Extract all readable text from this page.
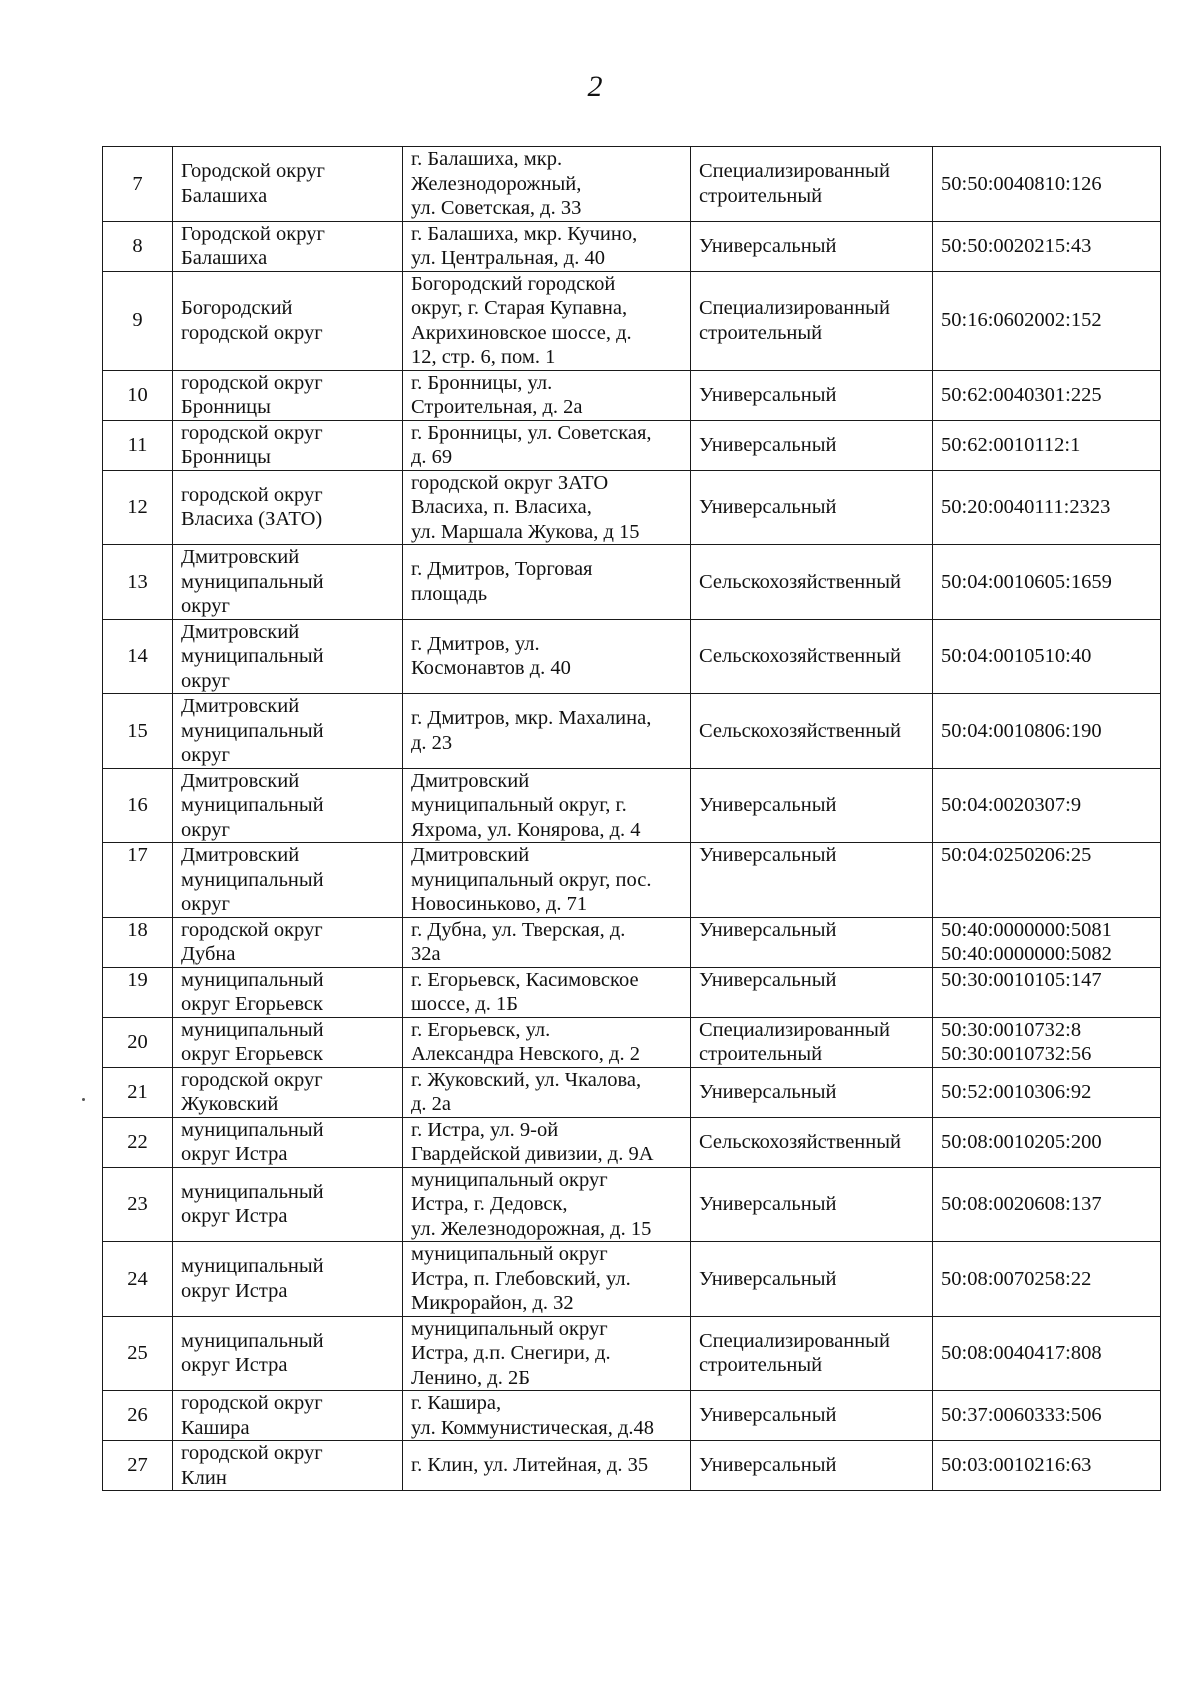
2
7	Городской округ
Балашиха	г. Балашиха, мкр.
Железнодорожный,
ул. Советская, д. 33	Специализированный
строительный	50:50:0040810:126
8	Городской округ
Балашиха	г. Балашиха, мкр. Кучино,
ул. Центральная, д. 40	Универсальный	50:50:0020215:43
9	Богородский
городской округ	Богородский городской
округ, г. Старая Купавна,
Акрихиновское шоссе, д.
12, стр. 6, пом. 1	Специализированный
строительный	50:16:0602002:152
10	городской округ
Бронницы	г. Бронницы, ул.
Строительная, д. 2а	Универсальный	50:62:0040301:225
11	городской округ
Бронницы	г. Бронницы, ул. Советская,
д. 69	Универсальный	50:62:0010112:1
12	городской округ
Власиха (ЗАТО)	городской округ ЗАТО
Власиха, п. Власиха,
ул. Маршала Жукова, д 15	Универсальный	50:20:0040111:2323
13	Дмитровский
муниципальный
округ	г. Дмитров, Торговая
площадь	Сельскохозяйственный	50:04:0010605:1659
14	Дмитровский
муниципальный
округ	г. Дмитров, ул.
Космонавтов д. 40	Сельскохозяйственный	50:04:0010510:40
15	Дмитровский
муниципальный
округ	г. Дмитров, мкр. Махалина,
д. 23	Сельскохозяйственный	50:04:0010806:190
16	Дмитровский
муниципальный
округ	Дмитровский
муниципальный округ, г.
Яхрома, ул. Конярова, д. 4	Универсальный	50:04:0020307:9
17	Дмитровский
муниципальный
округ	Дмитровский
муниципальный округ, пос.
Новосиньково, д. 71	Универсальный	50:04:0250206:25
18	городской округ
Дубна	г. Дубна, ул. Тверская, д.
32а	Универсальный	50:40:0000000:5081
50:40:0000000:5082
19	муниципальный
округ Егорьевск	г. Егорьевск, Касимовское
шоссе, д. 1Б	Универсальный	50:30:0010105:147
20	муниципальный
округ Егорьевск	г. Егорьевск, ул.
Александра Невского, д. 2	Специализированный
строительный	50:30:0010732:8
50:30:0010732:56
21	городской округ
Жуковский	г. Жуковский, ул. Чкалова,
д. 2а	Универсальный	50:52:0010306:92
22	муниципальный
округ Истра	г. Истра, ул. 9-ой
Гвардейской дивизии, д. 9А	Сельскохозяйственный	50:08:0010205:200
23	муниципальный
округ Истра	муниципальный округ
Истра, г. Дедовск,
ул. Железнодорожная, д. 15	Универсальный	50:08:0020608:137
24	муниципальный
округ Истра	муниципальный округ
Истра, п. Глебовский, ул.
Микрорайон, д. 32	Универсальный	50:08:0070258:22
25	муниципальный
округ Истра	муниципальный округ
Истра, д.п. Снегири, д.
Ленино, д. 2Б	Специализированный
строительный	50:08:0040417:808
26	городской округ
Кашира	г. Кашира,
ул. Коммунистическая, д.48	Универсальный	50:37:0060333:506
27	городской округ
Клин	г. Клин, ул. Литейная, д. 35	Универсальный	50:03:0010216:63
